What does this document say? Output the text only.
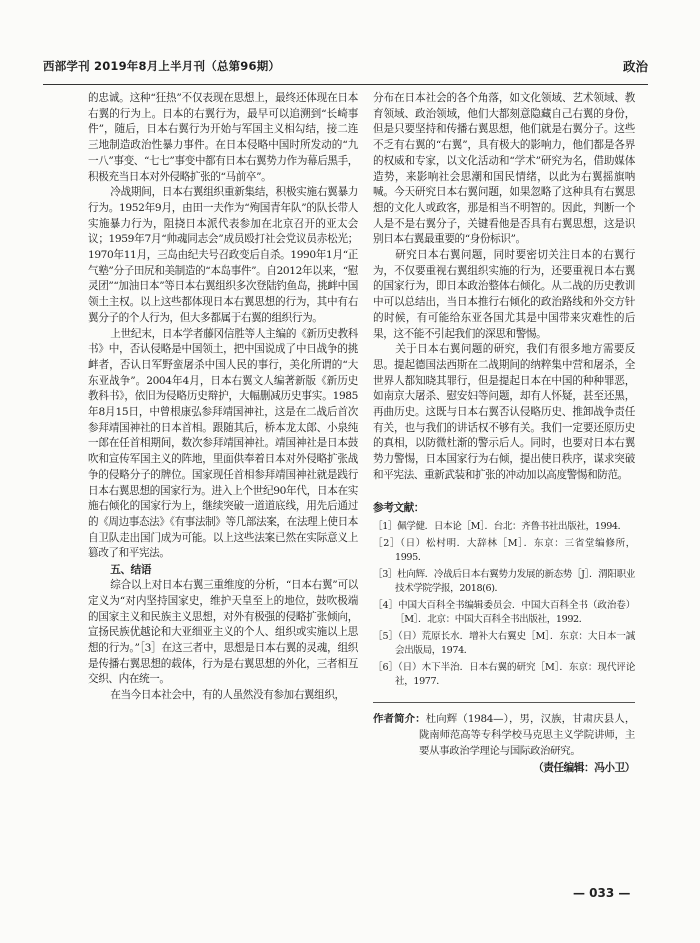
西部学刊 2019年8月上半月刊（总第96期）	政治

的忠诚。这种“狂热”不仅表现在思想上，最终还体现在日本右翼的行为上。日本的右翼行为，最早可以追溯到“长崎事件”，随后，日本右翼行为开始与军国主义相勾结，接二连三地制造政治性暴力事件。在日本侵略中国时所发动的“九一八”事变、“七七”事变中都有日本右翼势力作为幕后黑手，积极充当日本对外侵略扩张的“马前卒”。

冷战期间，日本右翼组织重新集结，积极实施右翼暴力行为。1952年9月，由田一夫作为“殉国青年队”的队长带人实施暴力行为，阻挠日本派代表参加在北京召开的亚太会议；1959年7月“帅魂同志会”成员殴打社会党议员赤松光；1970年11月，三岛由纪夫号召政变后自杀。1990年1月“正气塾”分子田尻和美制造的“本岛事件”。自2012年以来，“慰灵团”“加油日本”等日本右翼组织多次登陆钓鱼岛，挑衅中国领土主权。以上这些都体现日本右翼思想的行为，其中有右翼分子的个人行为，但大多都属于右翼的组织行为。

上世纪末，日本学者藤冈信胜等人主编的《新历史教科书》中，否认侵略是中国领土，把中国说成了中日战争的挑衅者，否认日军野蛮屠杀中国人民的事行，美化所谓的“大东亚战争”。2004年4月，日本右翼文人编著新版《新历史教科书》，依旧为侵略历史辩护，大幅删减历史事实。1985年8月15日，中曾根康弘参拜靖国神社，这是在二战后首次参拜靖国神社的日本首相。跟随其后，桥本龙太郎、小泉纯一郎在任首相期间，数次参拜靖国神社。靖国神社是日本鼓吹和宣传军国主义的阵地，里面供奉着日本对外侵略扩张战争的侵略分子的牌位。国家现任首相参拜靖国神社就是践行日本右翼思想的国家行为。进入上个世纪90年代，日本在实施右倾化的国家行为上，继续突破一道道底线，用先后通过的《周边事态法》《有事法制》等几部法案，在法理上使日本自卫队走出国门成为可能。以上这些法案已然在实际意义上篡改了和平宪法。

五、结语

综合以上对日本右翼三重维度的分析，“日本右翼”可以定义为“对内坚持国家史，维护天皇至上的地位，鼓吹极端的国家主义和民族主义思想，对外有极强的侵略扩张倾向，宣扬民族优越论和大亚细亚主义的个人、组织或实施以上思想的行为。”［3］在这三者中，思想是日本右翼的灵魂，组织是传播右翼思想的载体，行为是右翼思想的外化，三者相互交织、内在统一。

在当今日本社会中，有的人虽然没有参加右翼组织，

分布在日本社会的各个角落，如文化领域、艺术领域、教育领域、政治领域，他们大都刻意隐藏自己右翼的身份，但是只要坚持和传播右翼思想，他们就是右翼分子。这些不乏有右翼的“右翼”，具有极大的影响力，他们都是各界的权威和专家，以文化活动和“学术”研究为名，借助媒体造势，来影响社会思潮和国民情绪，以此为右翼摇旗呐喊。今天研究日本右翼问题，如果忽略了这种具有右翼思想的文化人或政客，那是相当不明智的。因此，判断一个人是不是右翼分子，关键看他是否具有右翼思想，这是识别日本右翼最重要的“身份标识”。

研究日本右翼问题，同时要密切关注日本的右翼行为，不仅要重视右翼组织实施的行为，还要重视日本右翼的国家行为，即日本政治整体右倾化。从二战的历史教训中可以总结出，当日本推行右倾化的政治路线和外交方针的时候，有可能给东亚各国尤其是中国带来灾难性的后果，这不能不引起我们的深思和警惕。

关于日本右翼问题的研究，我们有很多地方需要反思。提起德国法西斯在二战期间的纳粹集中营和屠杀，全世界人都知晓其罪行，但是提起日本在中国的种种罪恶，如南京大屠杀、慰安妇等问题，却有人怀疑，甚至还黑，再曲历史。这既与日本右翼否认侵略历史、推卸战争责任有关，也与我们的讲话权不够有关。我们一定要还原历史的真相，以防微杜渐的警示后人。同时，也要对日本右翼势力警惕，日本国家行为右倾，提出使日秩序，谋求突破和平宪法、重新武装和扩张的冲动加以高度警惕和防范。

参考文献：
［1］佩学健．日本论［M］．台北：齐鲁书社出版社，1994．
［2］（日）松村明．大辞林［M］．东京：三省堂编修所，1995．
［3］杜向辉．冷战后日本右翼势力发展的新态势［J］．渭阳职业技术学院学报，2018(6)．
［4］中国大百科全书编辑委员会．中国大百科全书（政治卷）［M］．北京：中国大百科全书出版社，1992．
［5］（日）荒原长水．增补大右翼史［M］．东京：大日本一誠会出版局，1974．
［6］（日）木下半治．日本右翼的研究［M］．东京：现代评论社，1977．
作者简介：杜向辉（1984—），男，汉族，甘肃庆县人，陇南师范高等专科学校马克思主义学院讲师，主要从事政治学理论与国际政治研究。
（责任编辑：冯小卫）
— 033 —
